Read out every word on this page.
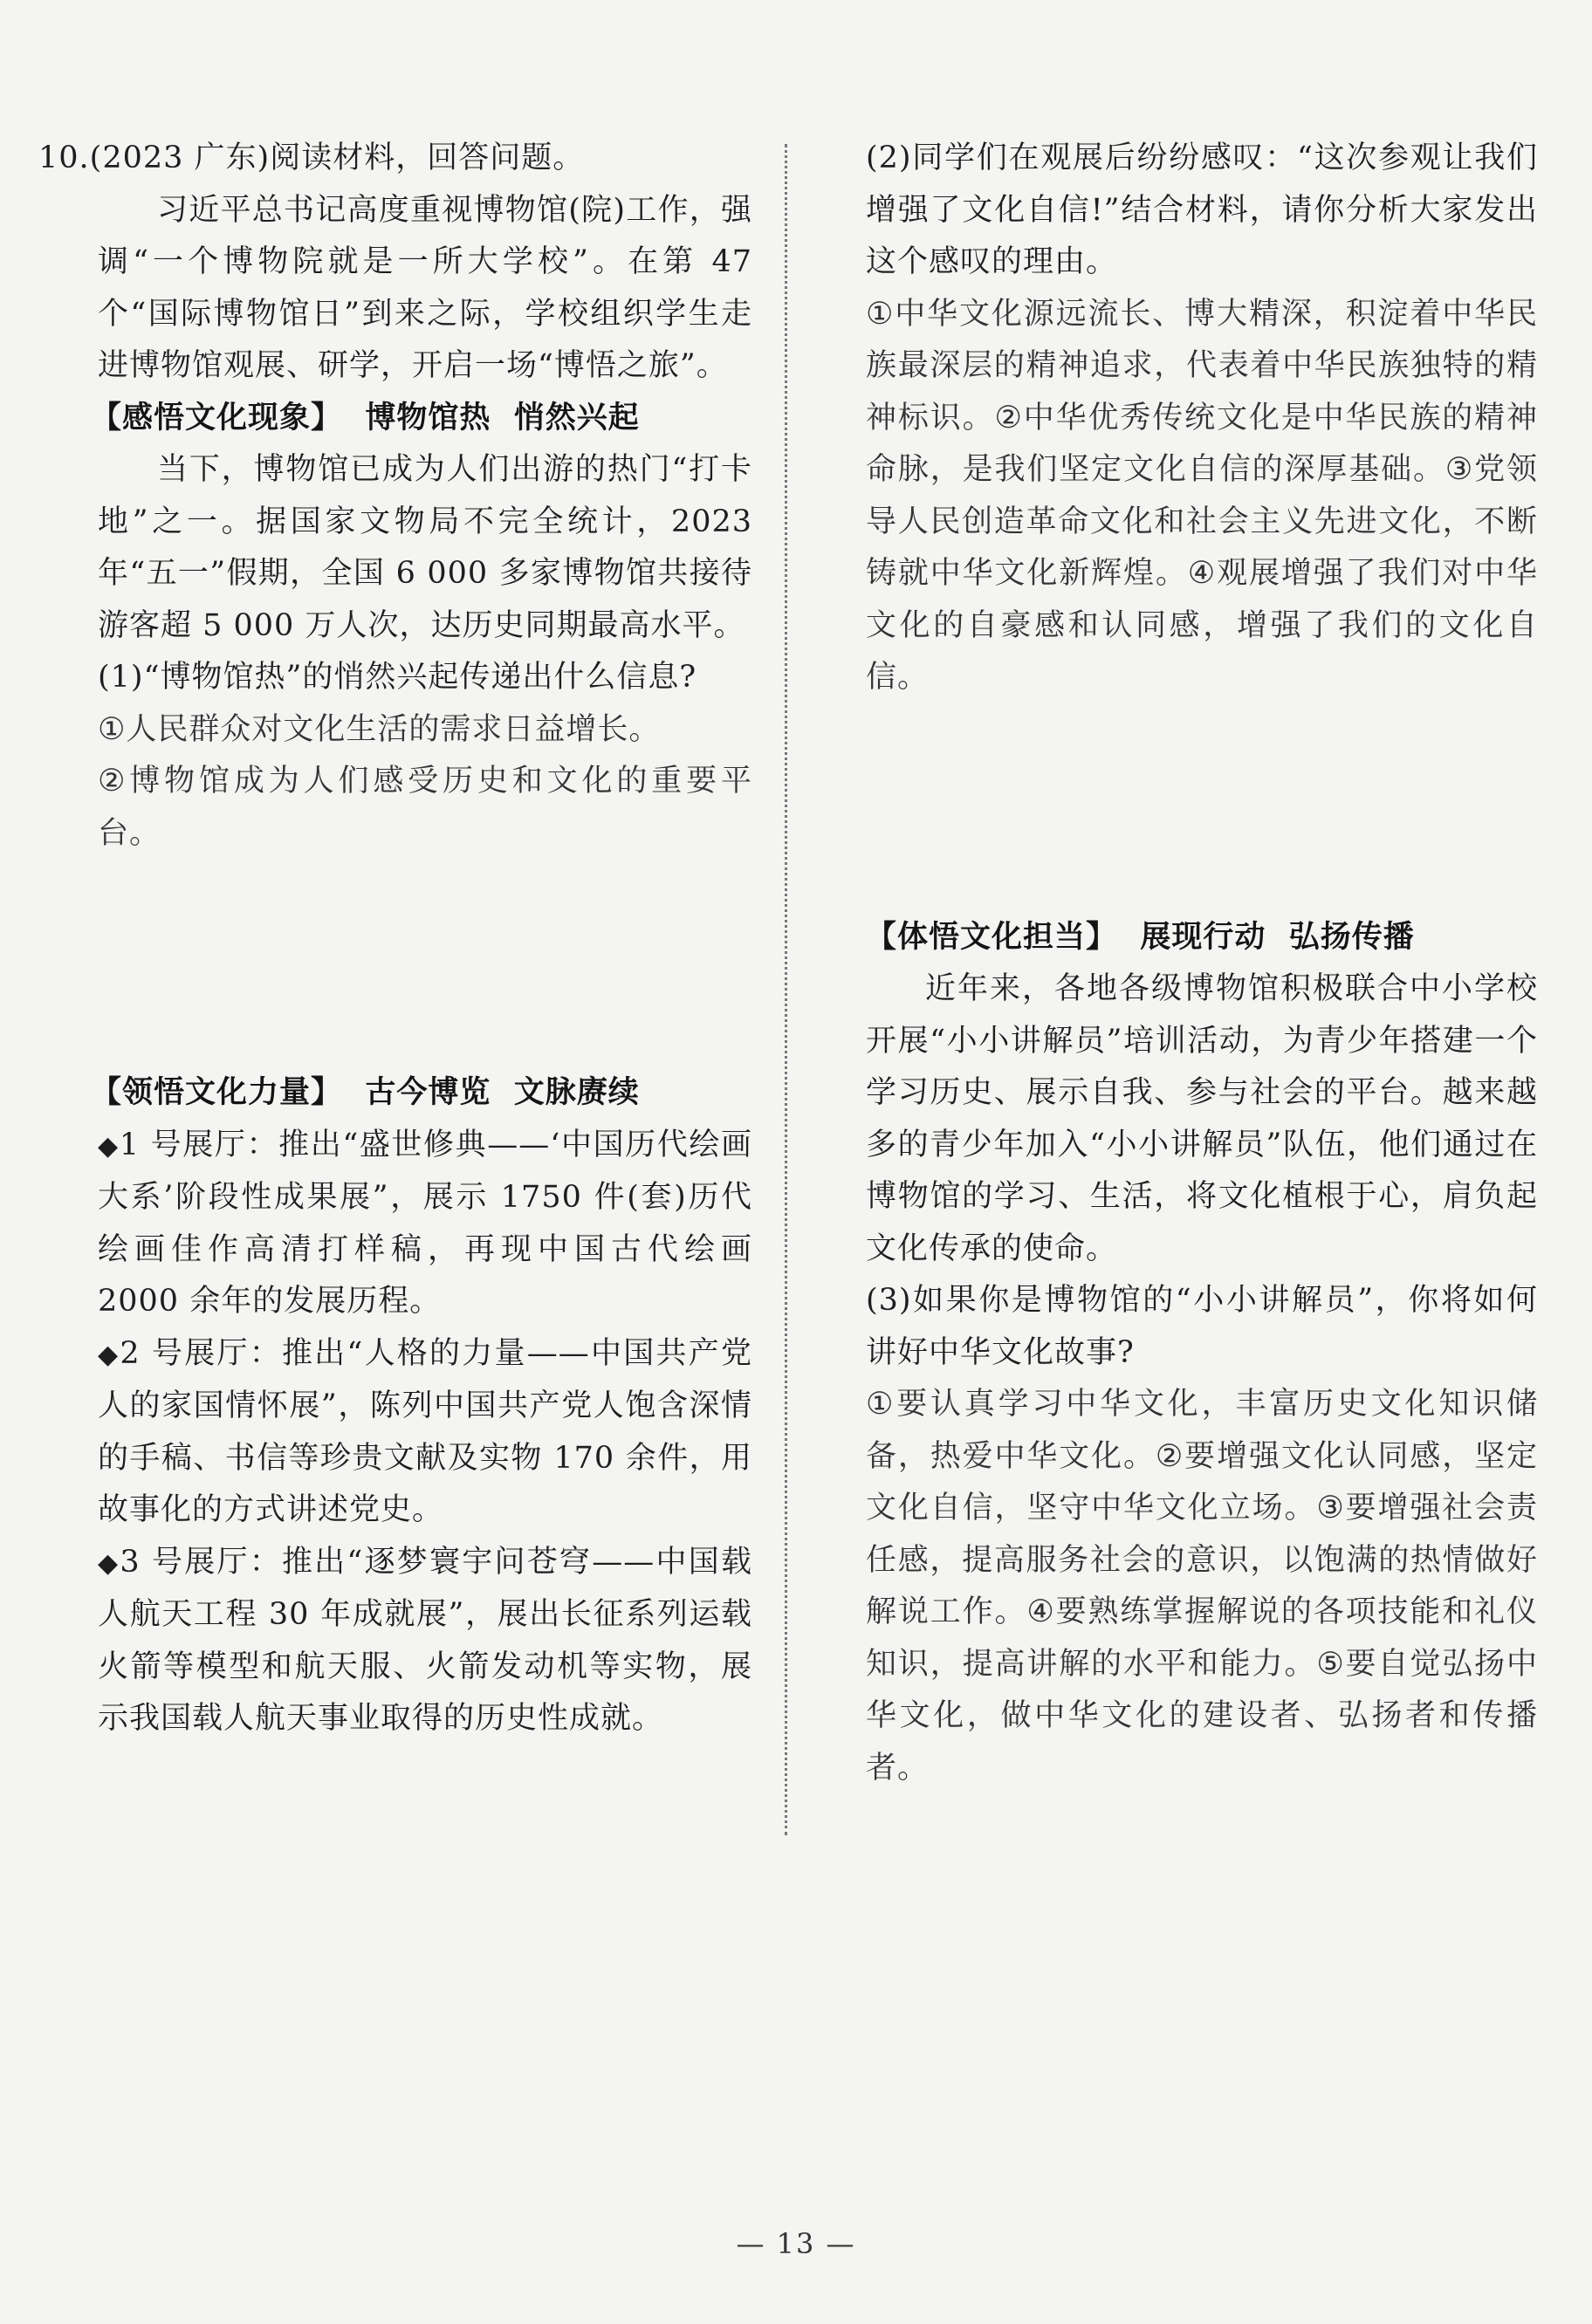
10.(2023 广东)阅读材料，回答问题。

习近平总书记高度重视博物馆(院)工作，强调“一个博物院就是一所大学校”。在第 47 个“国际博物馆日”到来之际，学校组织学生走进博物馆观展、研学，开启一场“博悟之旅”。

【感悟文化现象】  博物馆热  悄然兴起

当下，博物馆已成为人们出游的热门“打卡地”之一。据国家文物局不完全统计，2023 年“五一”假期，全国 6 000 多家博物馆共接待游客超 5 000 万人次，达历史同期最高水平。

(1)“博物馆热”的悄然兴起传递出什么信息?

①人民群众对文化生活的需求日益增长。

②博物馆成为人们感受历史和文化的重要平台。

【领悟文化力量】  古今博览  文脉赓续

◆1 号展厅：推出“盛世修典——‘中国历代绘画大系’阶段性成果展”，展示 1750 件(套)历代绘画佳作高清打样稿，再现中国古代绘画 2000 余年的发展历程。

◆2 号展厅：推出“人格的力量——中国共产党人的家国情怀展”，陈列中国共产党人饱含深情的手稿、书信等珍贵文献及实物 170 余件，用故事化的方式讲述党史。

◆3 号展厅：推出“逐梦寰宇问苍穹——中国载人航天工程 30 年成就展”，展出长征系列运载火箭等模型和航天服、火箭发动机等实物，展示我国载人航天事业取得的历史性成就。

(2)同学们在观展后纷纷感叹：“这次参观让我们增强了文化自信!”结合材料，请你分析大家发出这个感叹的理由。

①中华文化源远流长、博大精深，积淀着中华民族最深层的精神追求，代表着中华民族独特的精神标识。②中华优秀传统文化是中华民族的精神命脉，是我们坚定文化自信的深厚基础。③党领导人民创造革命文化和社会主义先进文化，不断铸就中华文化新辉煌。④观展增强了我们对中华文化的自豪感和认同感，增强了我们的文化自信。

【体悟文化担当】  展现行动  弘扬传播

近年来，各地各级博物馆积极联合中小学校开展“小小讲解员”培训活动，为青少年搭建一个学习历史、展示自我、参与社会的平台。越来越多的青少年加入“小小讲解员”队伍，他们通过在博物馆的学习、生活，将文化植根于心，肩负起文化传承的使命。

(3)如果你是博物馆的“小小讲解员”，你将如何讲好中华文化故事?

①要认真学习中华文化，丰富历史文化知识储备，热爱中华文化。②要增强文化认同感，坚定文化自信，坚守中华文化立场。③要增强社会责任感，提高服务社会的意识，以饱满的热情做好解说工作。④要熟练掌握解说的各项技能和礼仪知识，提高讲解的水平和能力。⑤要自觉弘扬中华文化，做中华文化的建设者、弘扬者和传播者。

— 13 —
